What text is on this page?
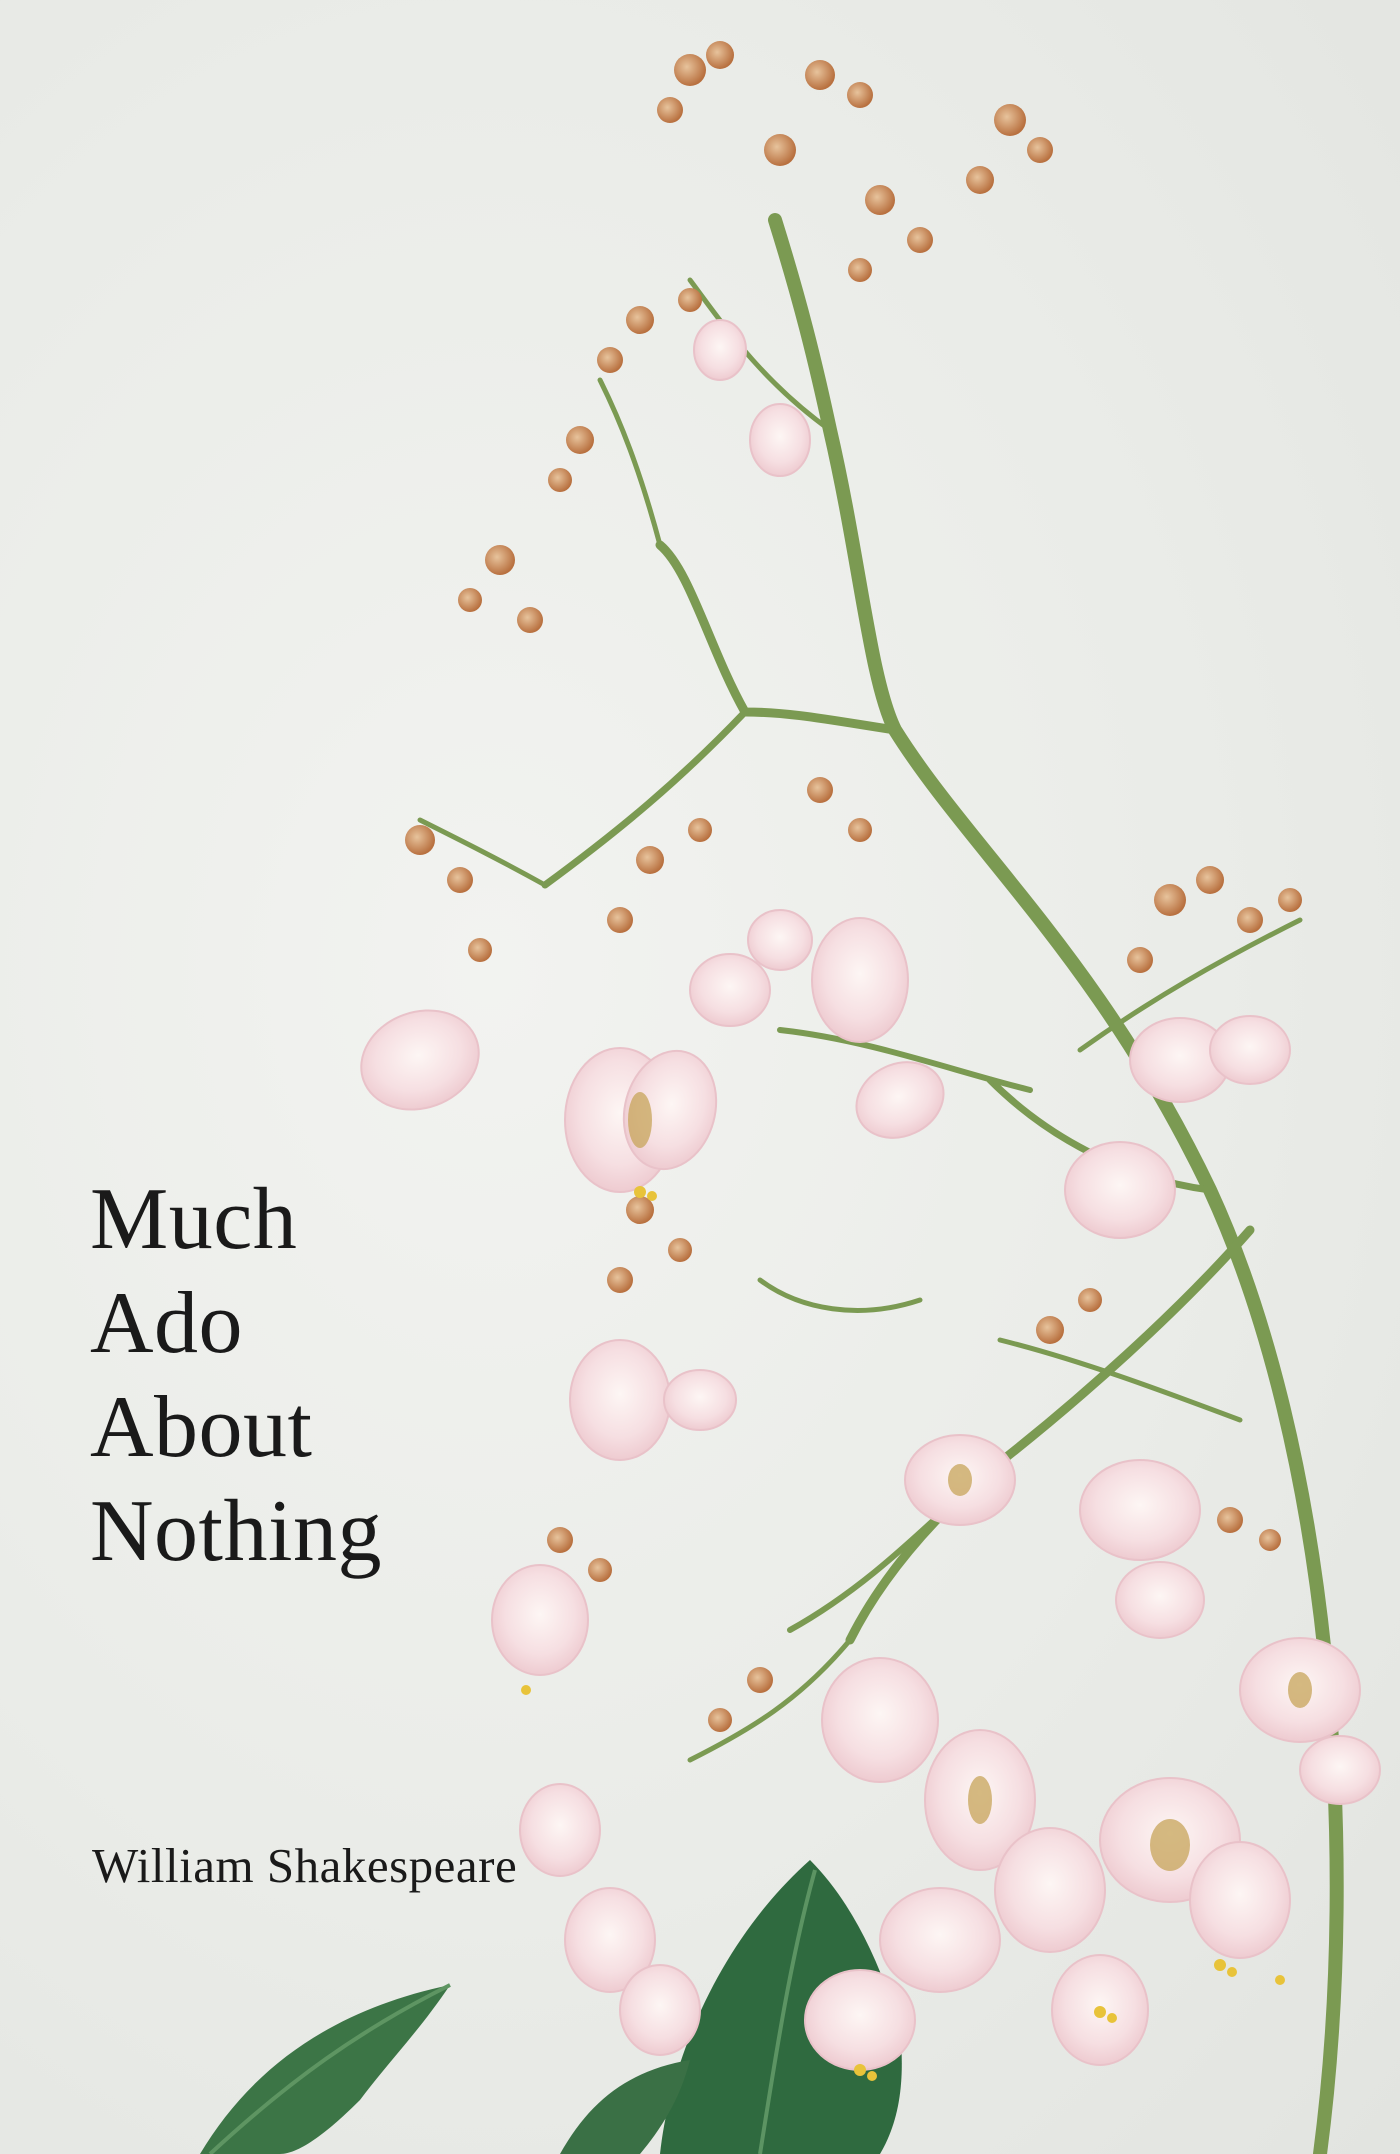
Much
Ado
About
Nothing

William Shakespeare
